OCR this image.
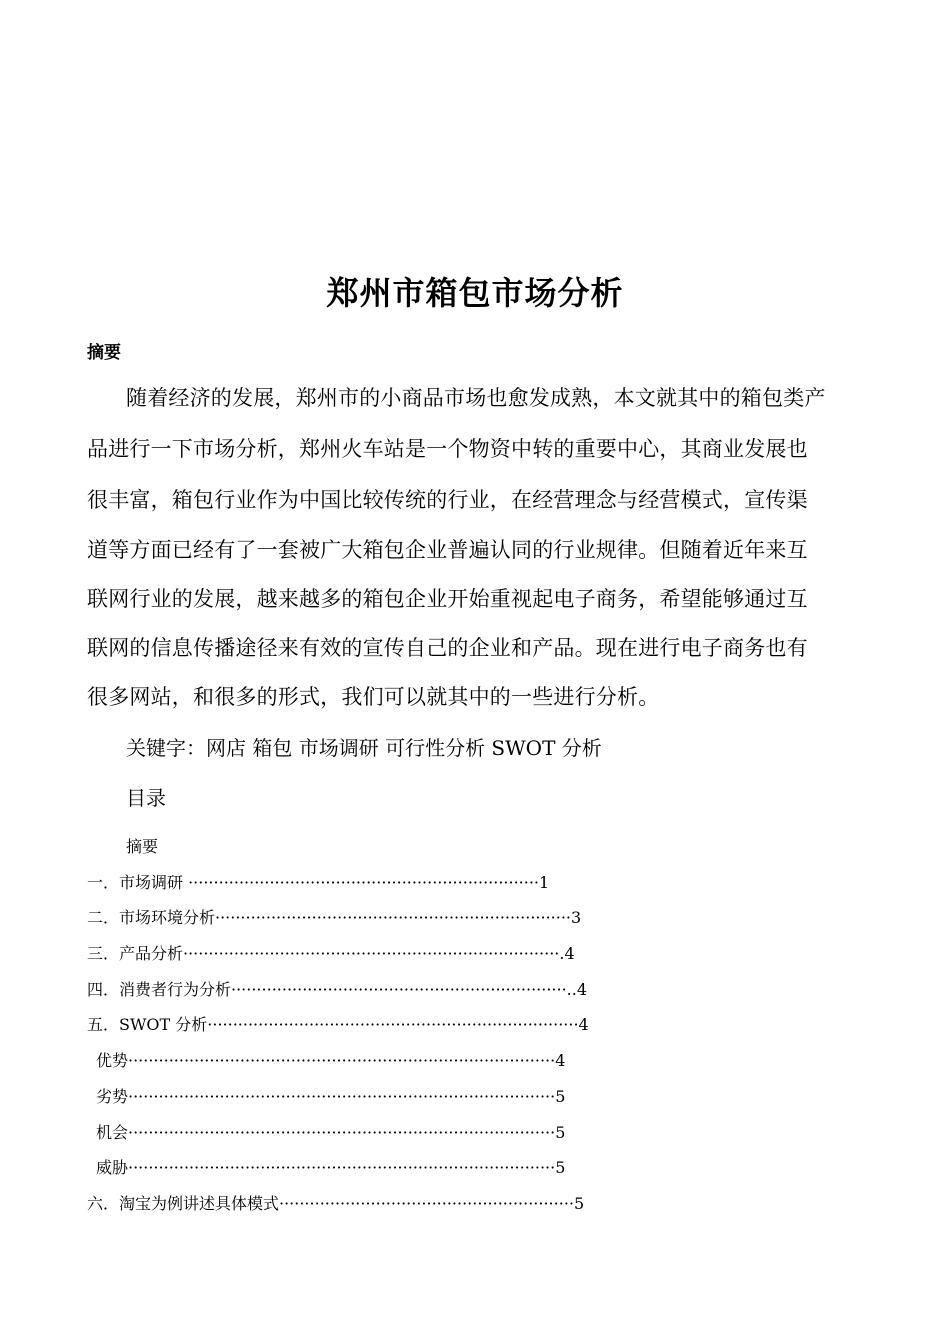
郑州市箱包市场分析
摘要
随着经济的发展，郑州市的小商品市场也愈发成熟，本文就其中的箱包类产
品进行一下市场分析，郑州火车站是一个物资中转的重要中心，其商业发展也
很丰富，箱包行业作为中国比较传统的行业，在经营理念与经营模式，宣传渠
道等方面已经有了一套被广大箱包企业普遍认同的行业规律。但随着近年来互
联网行业的发展，越来越多的箱包企业开始重视起电子商务，希望能够通过互
联网的信息传播途径来有效的宣传自己的企业和产品。现在进行电子商务也有
很多网站，和很多的形式，我们可以就其中的一些进行分析。
关键字：网店 箱包 市场调研 可行性分析 SWOT 分析
目录
摘要
一．市场调研 ·····································································1
二．市场环境分析······································································3
三．产品分析··········································································.4
四．消费者行为分析··································································..4
五．SWOT 分析·········································································4
优势····················································································4
劣势····················································································5
机会····················································································5
威胁····················································································5
六．淘宝为例讲述具体模式··························································5
